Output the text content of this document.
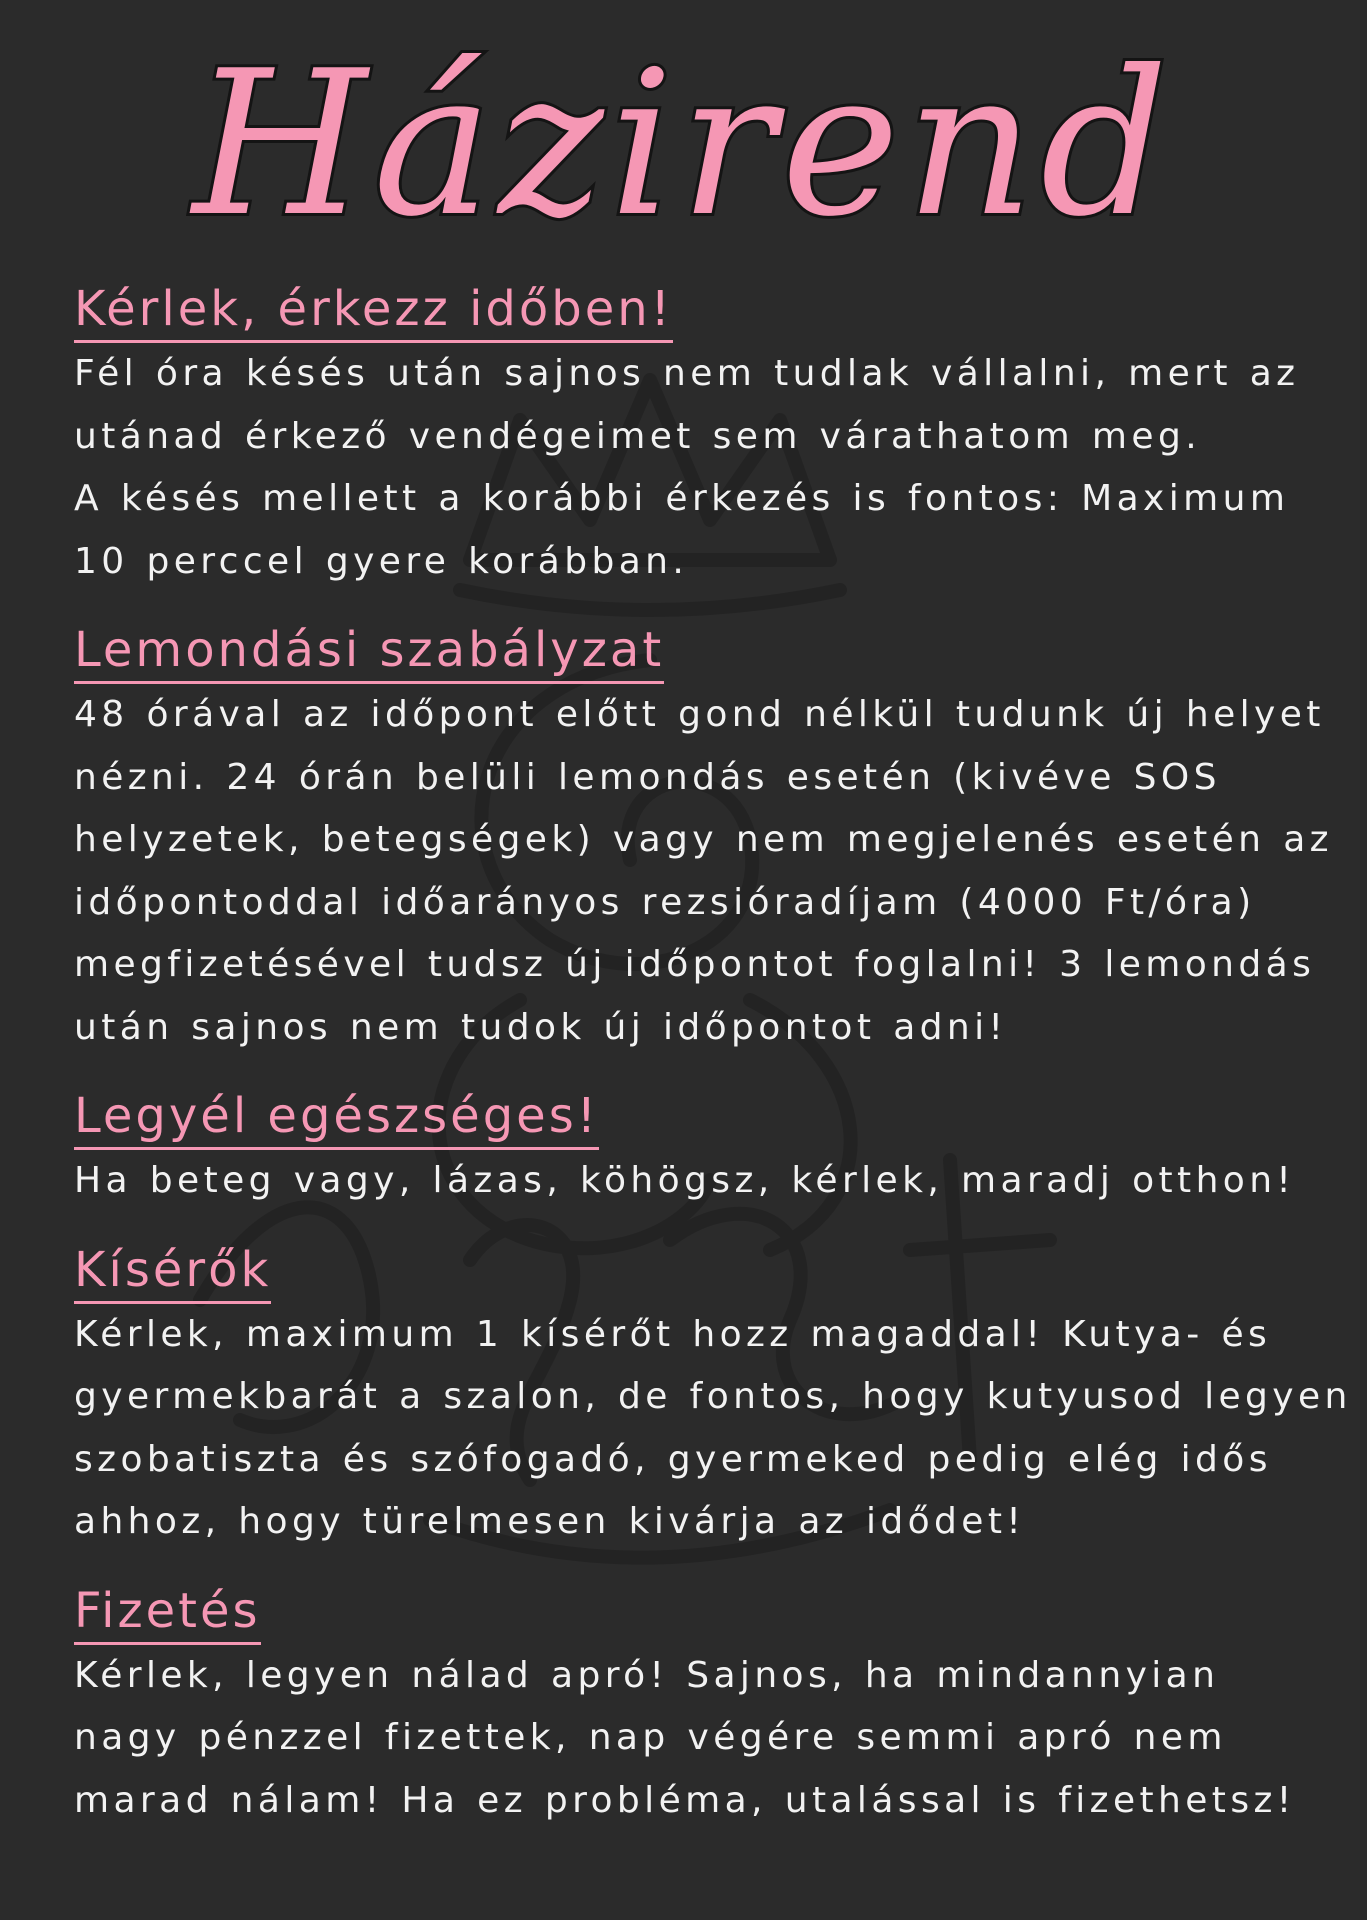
Házirend
Kérlek, érkezz időben!

Fél óra késés után sajnos nem tudlak vállalni, mert az
utánad érkező vendégeimet sem várathatom meg.
A késés mellett a korábbi érkezés is fontos: Maximum
10 perccel gyere korábban.

Lemondási szabályzat

48 órával az időpont előtt gond nélkül tudunk új helyet
nézni. 24 órán belüli lemondás esetén (kivéve SOS
helyzetek, betegségek) vagy nem megjelenés esetén az
időpontoddal időarányos rezsióradíjam (4000 Ft/óra)
megfizetésével tudsz új időpontot foglalni! 3 lemondás
után sajnos nem tudok új időpontot adni!

Legyél egészséges!

Ha beteg vagy, lázas, köhögsz, kérlek, maradj otthon!

Kísérők

Kérlek, maximum 1 kísérőt hozz magaddal! Kutya- és
gyermekbarát a szalon, de fontos, hogy kutyusod legyen
szobatiszta és szófogadó, gyermeked pedig elég idős
ahhoz, hogy türelmesen kivárja az idődet!

Fizetés

Kérlek, legyen nálad apró! Sajnos, ha mindannyian
nagy pénzzel fizettek, nap végére semmi apró nem
marad nálam! Ha ez probléma, utalással is fizethetsz!
